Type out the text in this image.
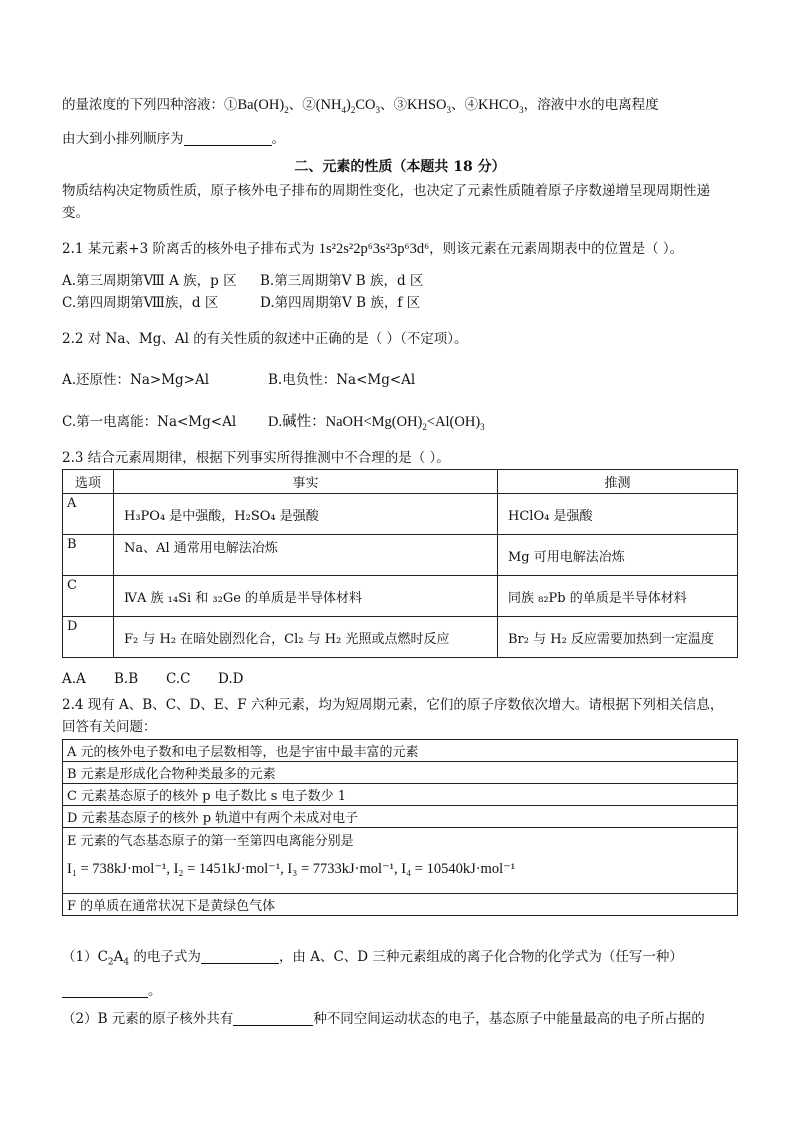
的量浓度的下列四种溶液：$①Ba(OH)_2$、$②(NH_4)_2CO_3$、$③KHSO_3$、$④KHCO_3$，溶液中水的电离程度
由大到小排列顺序为	。
二、元素的性质（本题共 18 分）
物质结构决定物质性质，原子核外电子排布的周期性变化，也决定了元素性质随着原子序数递增呈现周期性递
变。
2.1 某元素+3 阶离舌的核外电子排布式为 1s²2s²2p⁶3s²3p⁶3d⁶，则该元素在元素周期表中的位置是（ ）。
A.第三周期第Ⅷ A 族，p 区 B.第三周期第Ⅴ B 族，d 区
C.第四周期第Ⅷ族，d 区	D.第四周期第Ⅴ B 族，f 区
2.2 对 Na、Mg、Al 的有关性质的叙述中正确的是（ ）（不定项）。
A.还原性：Na>Mg>Al	B.电负性：Na<Mg<Al
C.第一电离能：Na<Mg<Al D.碱性：$NaOH<Mg(OH)_2<Al(OH)_3$
2.3 结合元素周期律，根据下列事实所得推测中不合理的是（ ）。
选项	事实	推测
A	H₃PO₄ 是中强酸，H₂SO₄ 是强酸	HClO₄ 是强酸
B	Na、Al 通常用电解法冶炼	Mg 可用电解法冶炼
C	ⅣA 族 ₁₄Si 和 ₃₂Ge 的单质是半导体材料	同族 ₈₂Pb 的单质是半导体材料
D	F₂ 与 H₂ 在暗处剧烈化合，Cl₂ 与 H₂ 光照或点燃时反应	Br₂ 与 H₂ 反应需要加热到一定温度
A.A B.B C.C D.D
2.4 现有 A、B、C、D、E、F 六种元素，均为短周期元素，它们的原子序数依次增大。请根据下列相关信息，
回答有关问题：
A 元的核外电子数和电子层数相等，也是宇宙中最丰富的元素
B 元素是形成化合物种类最多的元素
C 元素基态原子的核外 p 电子数比 s 电子数少 1
D 元素基态原子的核外 p 轨道中有两个未成对电子

E 元素的气态基态原子的第一至第四电离能分别是
I₁ = 738kJ·mol⁻¹, I₂ = 1451kJ·mol⁻¹, I₃ = 7733kJ·mol⁻¹, I₄ = 10540kJ·mol⁻¹

F 的单质在通常状况下是黄绿色气体
$(1)C_2A_4$ 的电子式为	，由 A、C、D 三种元素组成的离子化合物的化学式为（任写一种）
。
（2）B 元素的原子核外共有	种不同空间运动状态的电子，基态原子中能量最高的电子所占据的
